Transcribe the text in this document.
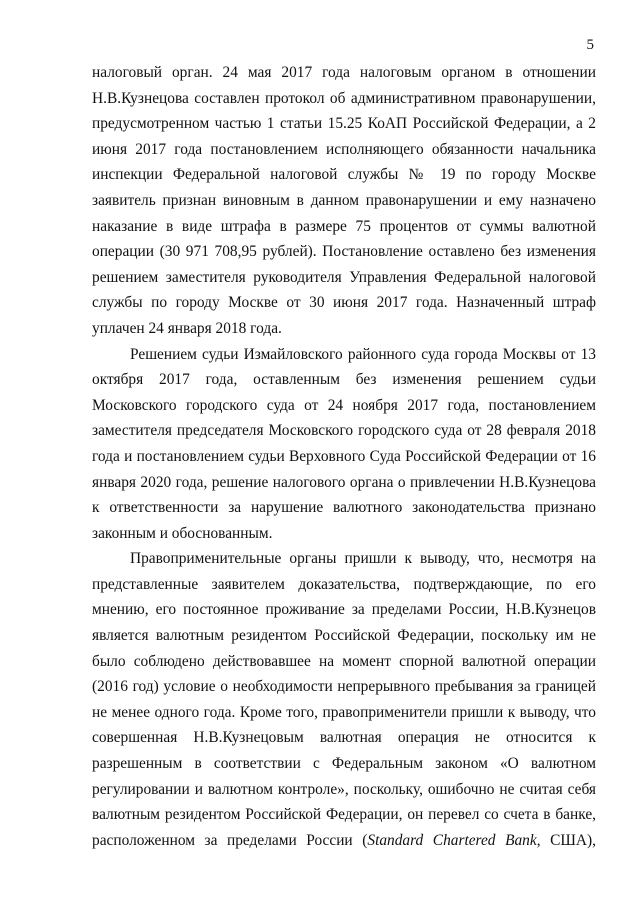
5

налоговый орган. 24 мая 2017 года налоговым органом в отношении Н.В.Кузнецова составлен протокол об административном правонарушении, предусмотренном частью 1 статьи 15.25 КоАП Российской Федерации, а 2 июня 2017 года постановлением исполняющего обязанности начальника инспекции Федеральной налоговой службы № 19 по городу Москве заявитель признан виновным в данном правонарушении и ему назначено наказание в виде штрафа в размере 75 процентов от суммы валютной операции (30 971 708,95 рублей). Постановление оставлено без изменения решением заместителя руководителя Управления Федеральной налоговой службы по городу Москве от 30 июня 2017 года. Назначенный штраф уплачен 24 января 2018 года.

Решением судьи Измайловского районного суда города Москвы от 13 октября 2017 года, оставленным без изменения решением судьи Московского городского суда от 24 ноября 2017 года, постановлением заместителя председателя Московского городского суда от 28 февраля 2018 года и постановлением судьи Верховного Суда Российской Федерации от 16 января 2020 года, решение налогового органа о привлечении Н.В.Кузнецова к ответственности за нарушение валютного законодательства признано законным и обоснованным.

Правоприменительные органы пришли к выводу, что, несмотря на представленные заявителем доказательства, подтверждающие, по его мнению, его постоянное проживание за пределами России, Н.В.Кузнецов является валютным резидентом Российской Федерации, поскольку им не было соблюдено действовавшее на момент спорной валютной операции (2016 год) условие о необходимости непрерывного пребывания за границей не менее одного года. Кроме того, правоприменители пришли к выводу, что совершенная Н.В.Кузнецовым валютная операция не относится к разрешенным в соответствии с Федеральным законом «О валютном регулировании и валютном контроле», поскольку, ошибочно не считая себя валютным резидентом Российской Федерации, он перевел со счета в банке, расположенном за пределами России (Standard Chartered Bank, США),
